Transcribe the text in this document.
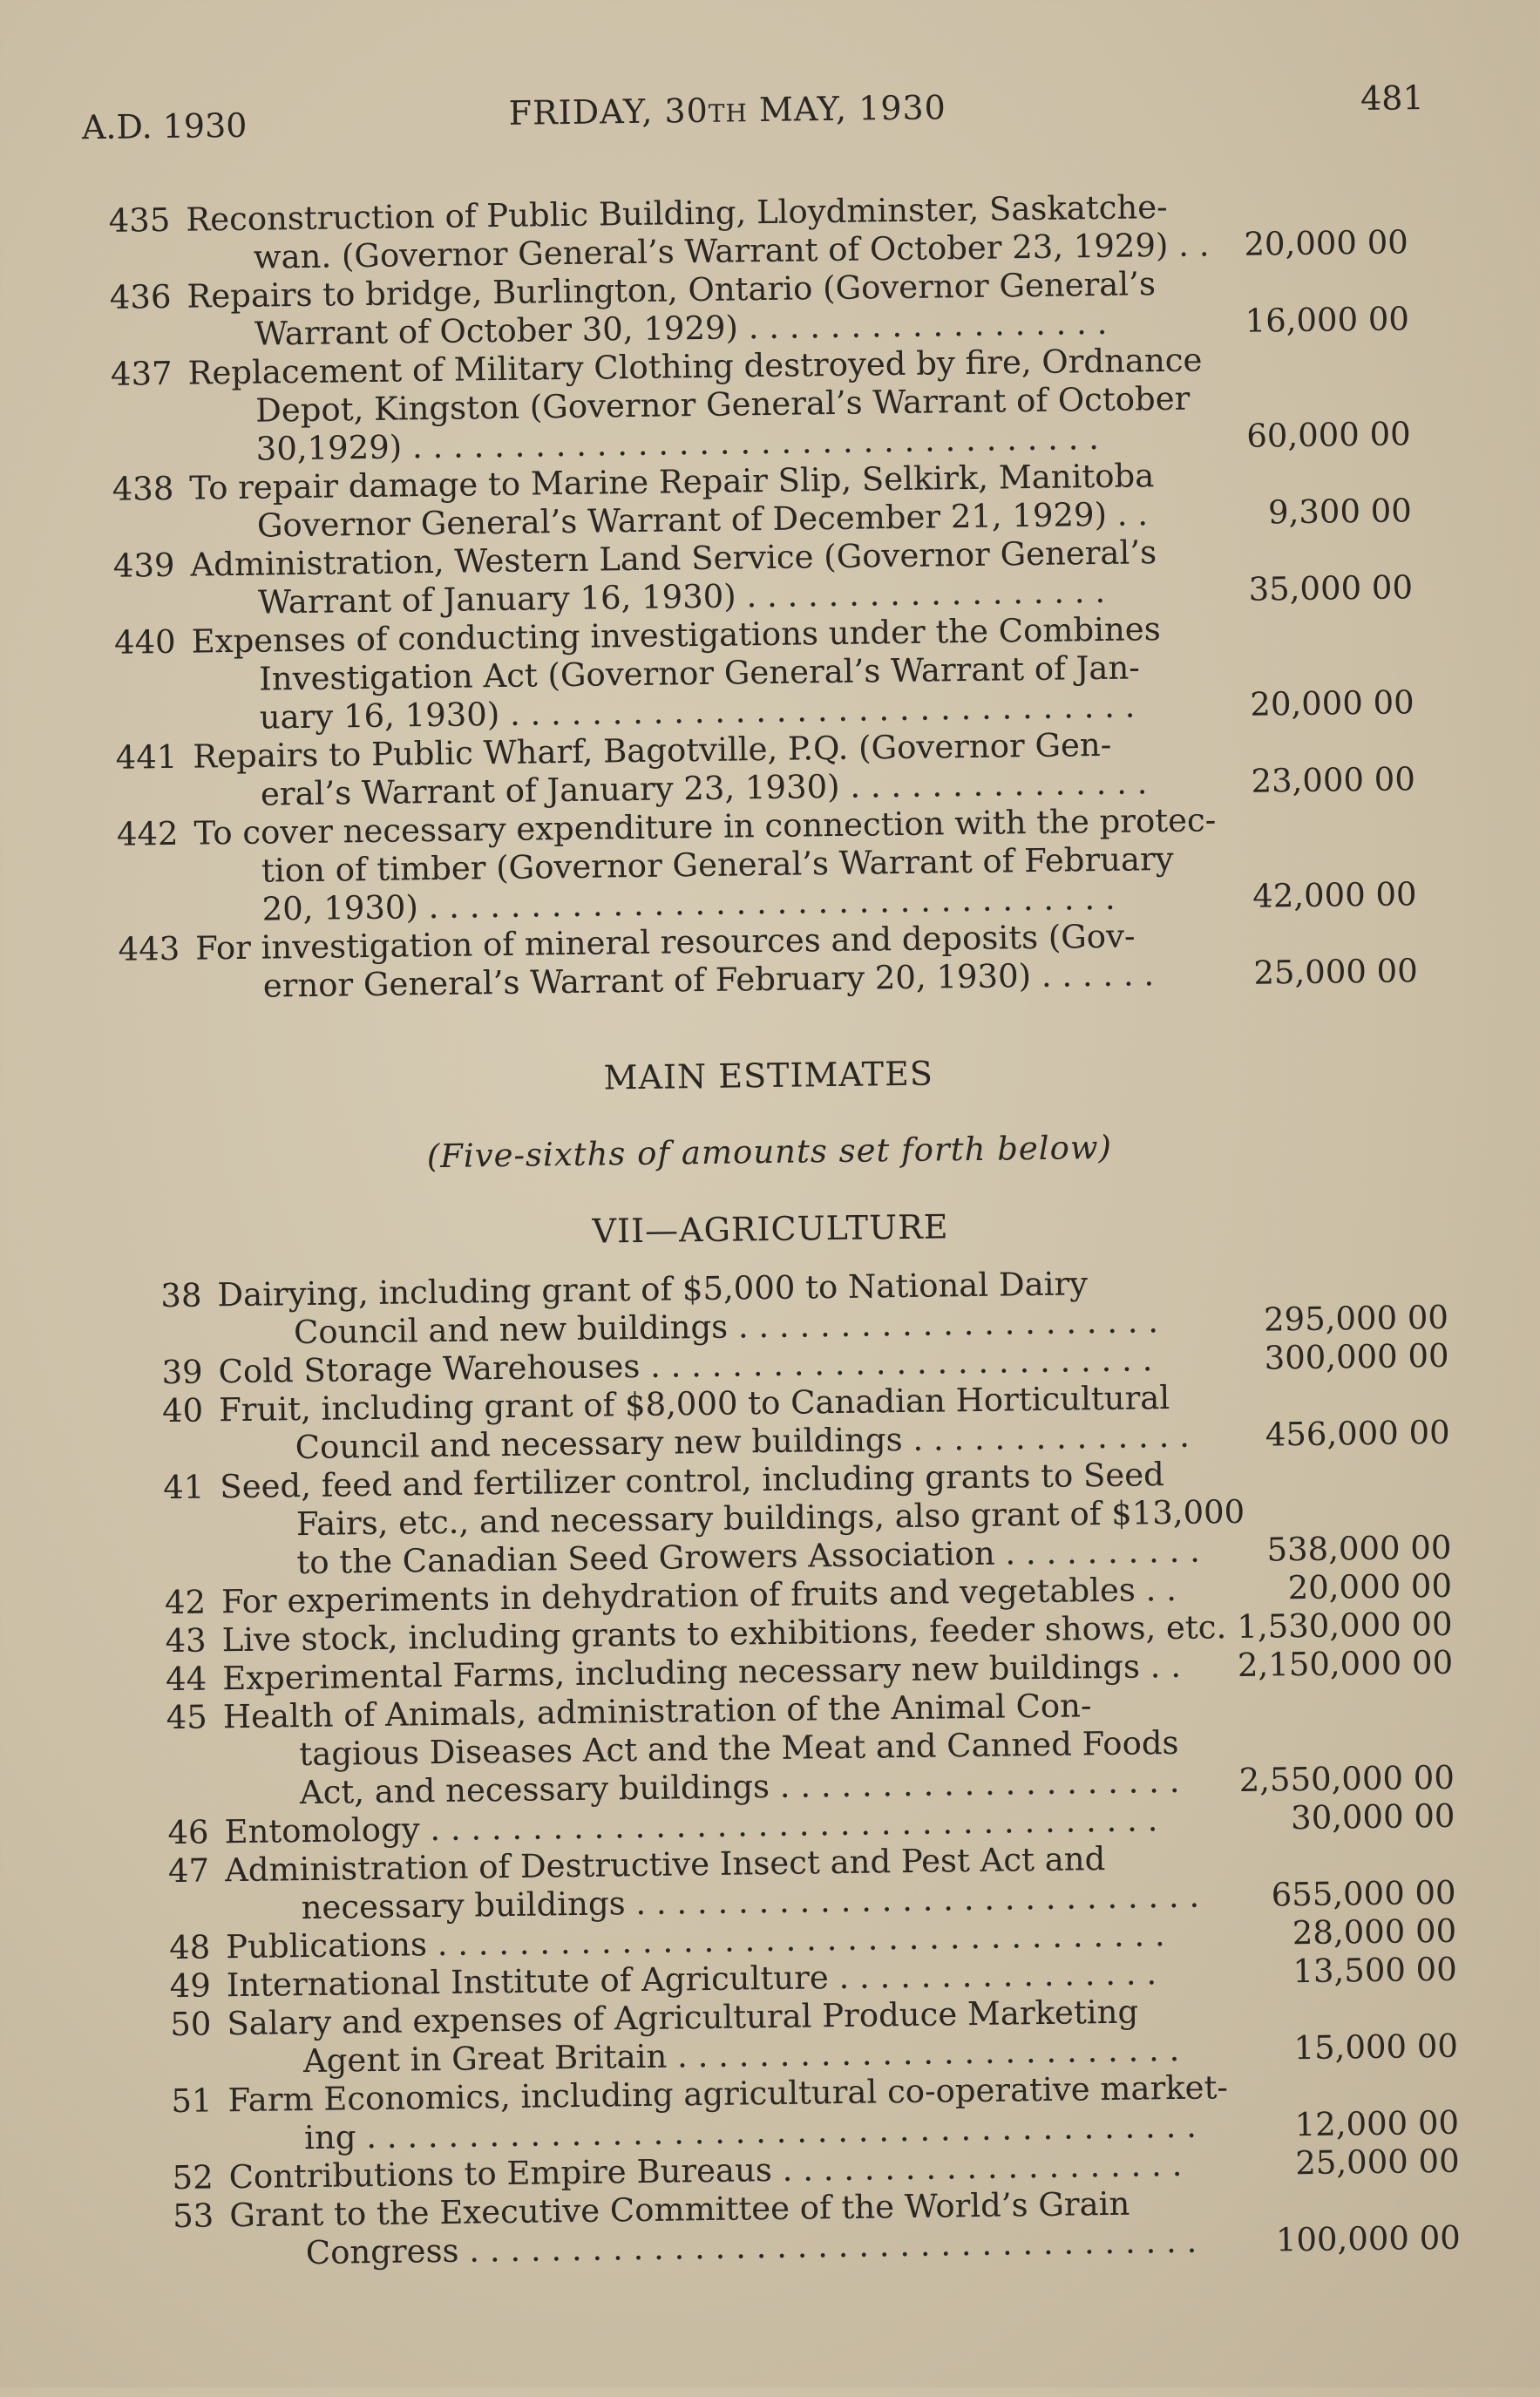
A.D. 1930	FRIDAY, 30TH MAY, 1930	481
435 Reconstruction of Public Building, Lloydminster, Saskatche-
wan. (Governor General’s Warrant of October 23, 1929) . .	20,000 00
436 Repairs to bridge, Burlington, Ontario (Governor General’s
Warrant of October 30, 1929) . . . . . . . . . . . . . . . . . .	16,000 00
437 Replacement of Military Clothing destroyed by fire, Ordnance
Depot, Kingston (Governor General’s Warrant of October
30,1929) . . . . . . . . . . . . . . . . . . . . . . . . . . . . . . . . . .	60,000 00
438 To repair damage to Marine Repair Slip, Selkirk, Manitoba
Governor General’s Warrant of December 21, 1929) . .	9,300 00
439 Administration, Western Land Service (Governor General’s
Warrant of January 16, 1930) . . . . . . . . . . . . . . . . . .	35,000 00
440 Expenses of conducting investigations under the Combines
Investigation Act (Governor General’s Warrant of Jan-
uary 16, 1930) . . . . . . . . . . . . . . . . . . . . . . . . . . . . . . .	20,000 00
441 Repairs to Public Wharf, Bagotville, P.Q. (Governor Gen-
eral’s Warrant of January 23, 1930) . . . . . . . . . . . . . . .	23,000 00
442 To cover necessary expenditure in connection with the protec-
tion of timber (Governor General’s Warrant of February
20, 1930) . . . . . . . . . . . . . . . . . . . . . . . . . . . . . . . . . .	42,000 00
443 For investigation of mineral resources and deposits (Gov-
ernor General’s Warrant of February 20, 1930) . . . . . .	25,000 00
MAIN ESTIMATES
(Five-sixths of amounts set forth below)
VII—AGRICULTURE
38 Dairying, including grant of $5,000 to National Dairy
Council and new buildings . . . . . . . . . . . . . . . . . . . . .	295,000 00
39 Cold Storage Warehouses . . . . . . . . . . . . . . . . . . . . . . . . .	300,000 00
40 Fruit, including grant of $8,000 to Canadian Horticultural
Council and necessary new buildings . . . . . . . . . . . . . .	456,000 00
41 Seed, feed and fertilizer control, including grants to Seed
Fairs, etc., and necessary buildings, also grant of $13,000
to the Canadian Seed Growers Association . . . . . . . . . .	538,000 00
42 For experiments in dehydration of fruits and vegetables . .	20,000 00
43 Live stock, including grants to exhibitions, feeder shows, etc. 1,530,000 00
44 Experimental Farms, including necessary new buildings . .	2,150,000 00
45 Health of Animals, administration of the Animal Con-
tagious Diseases Act and the Meat and Canned Foods
Act, and necessary buildings . . . . . . . . . . . . . . . . . . . .	2,550,000 00
46 Entomology . . . . . . . . . . . . . . . . . . . . . . . . . . . . . . . . . . . .	30,000 00
47 Administration of Destructive Insect and Pest Act and
necessary buildings . . . . . . . . . . . . . . . . . . . . . . . . . . . .	655,000 00
48 Publications . . . . . . . . . . . . . . . . . . . . . . . . . . . . . . . . . . . .	28,000 00
49 International Institute of Agriculture . . . . . . . . . . . . . . . .	13,500 00
50 Salary and expenses of Agricultural Produce Marketing
Agent in Great Britain . . . . . . . . . . . . . . . . . . . . . . . . .	15,000 00
51 Farm Economics, including agricultural co-operative market-
ing . . . . . . . . . . . . . . . . . . . . . . . . . . . . . . . . . . . . . . . . .	12,000 00
52 Contributions to Empire Bureaus . . . . . . . . . . . . . . . . . . . .	25,000 00
53 Grant to the Executive Committee of the World’s Grain
Congress . . . . . . . . . . . . . . . . . . . . . . . . . . . . . . . . . . . .	100,000 00
